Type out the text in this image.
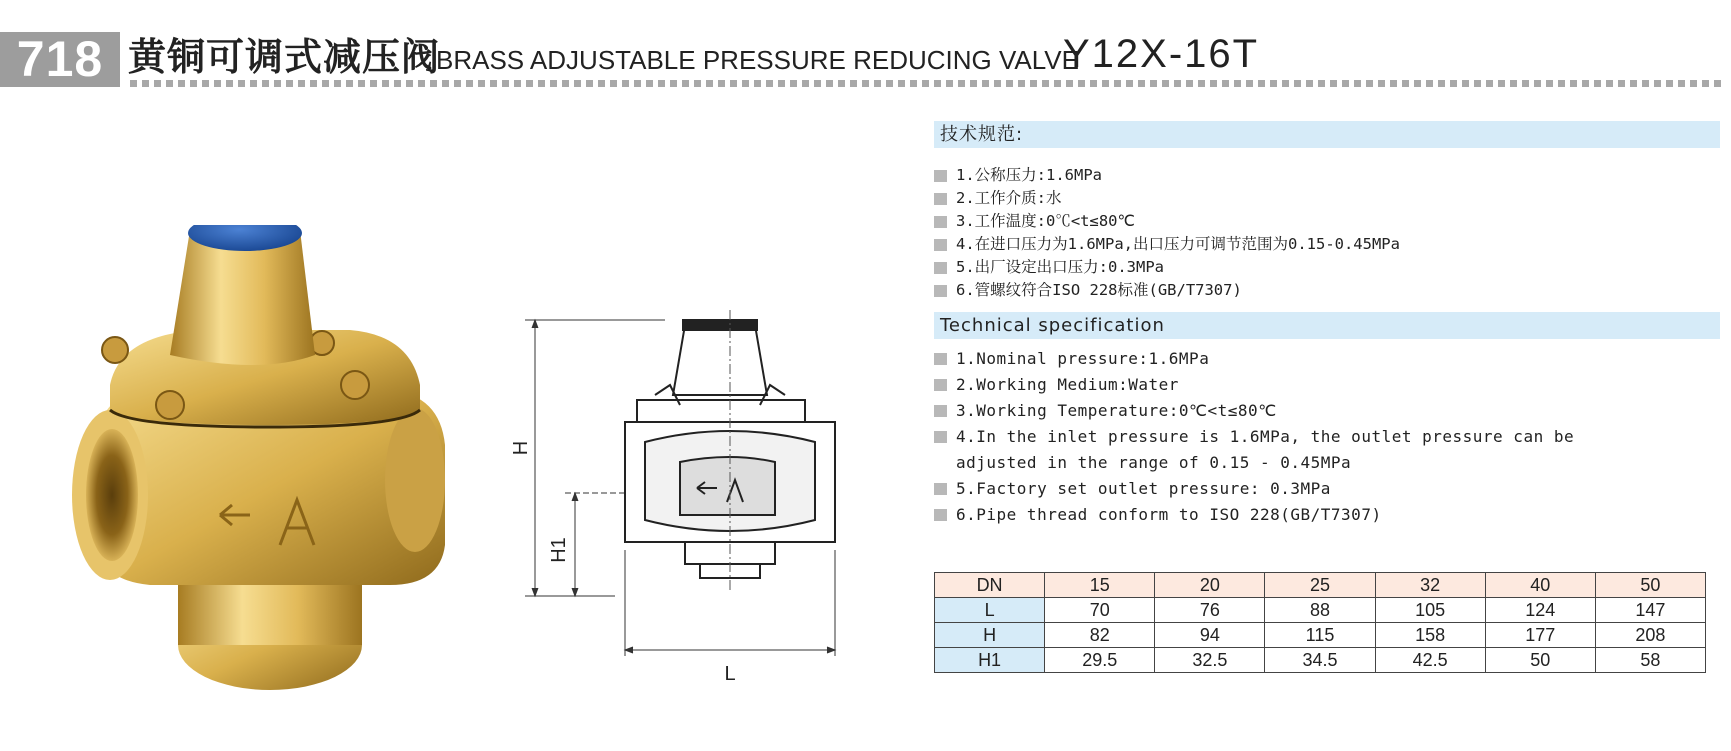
718 黄铜可调式减压阀
BRASS ADJUSTABLE PRESSURE REDUCING VALVE
Y12X-16T
H
H1
L
技术规范:
1.公称压力:1.6MPa
2.工作介质:水
3.工作温度:0℃<t≤80℃
4.在进口压力为1.6MPa,出口压力可调节范围为0.15-0.45MPa
5.出厂设定出口压力:0.3MPa
6.管螺纹符合ISO 228标准(GB/T7307)
Technical specification
1.Nominal pressure:1.6MPa
2.Working Medium:Water
3.Working Temperature:0℃<t≤80℃
4.In the inlet pressure is 1.6MPa, the outlet pressure can be
adjusted in the range of 0.15 - 0.45MPa
5.Factory set outlet pressure: 0.3MPa
6.Pipe thread conform to ISO 228(GB/T7307)
DN	15	20	25	32	40	50
L	70	76	88	105	124	147
H	82	94	115	158	177	208
H1	29.5	32.5	34.5	42.5	50	58
